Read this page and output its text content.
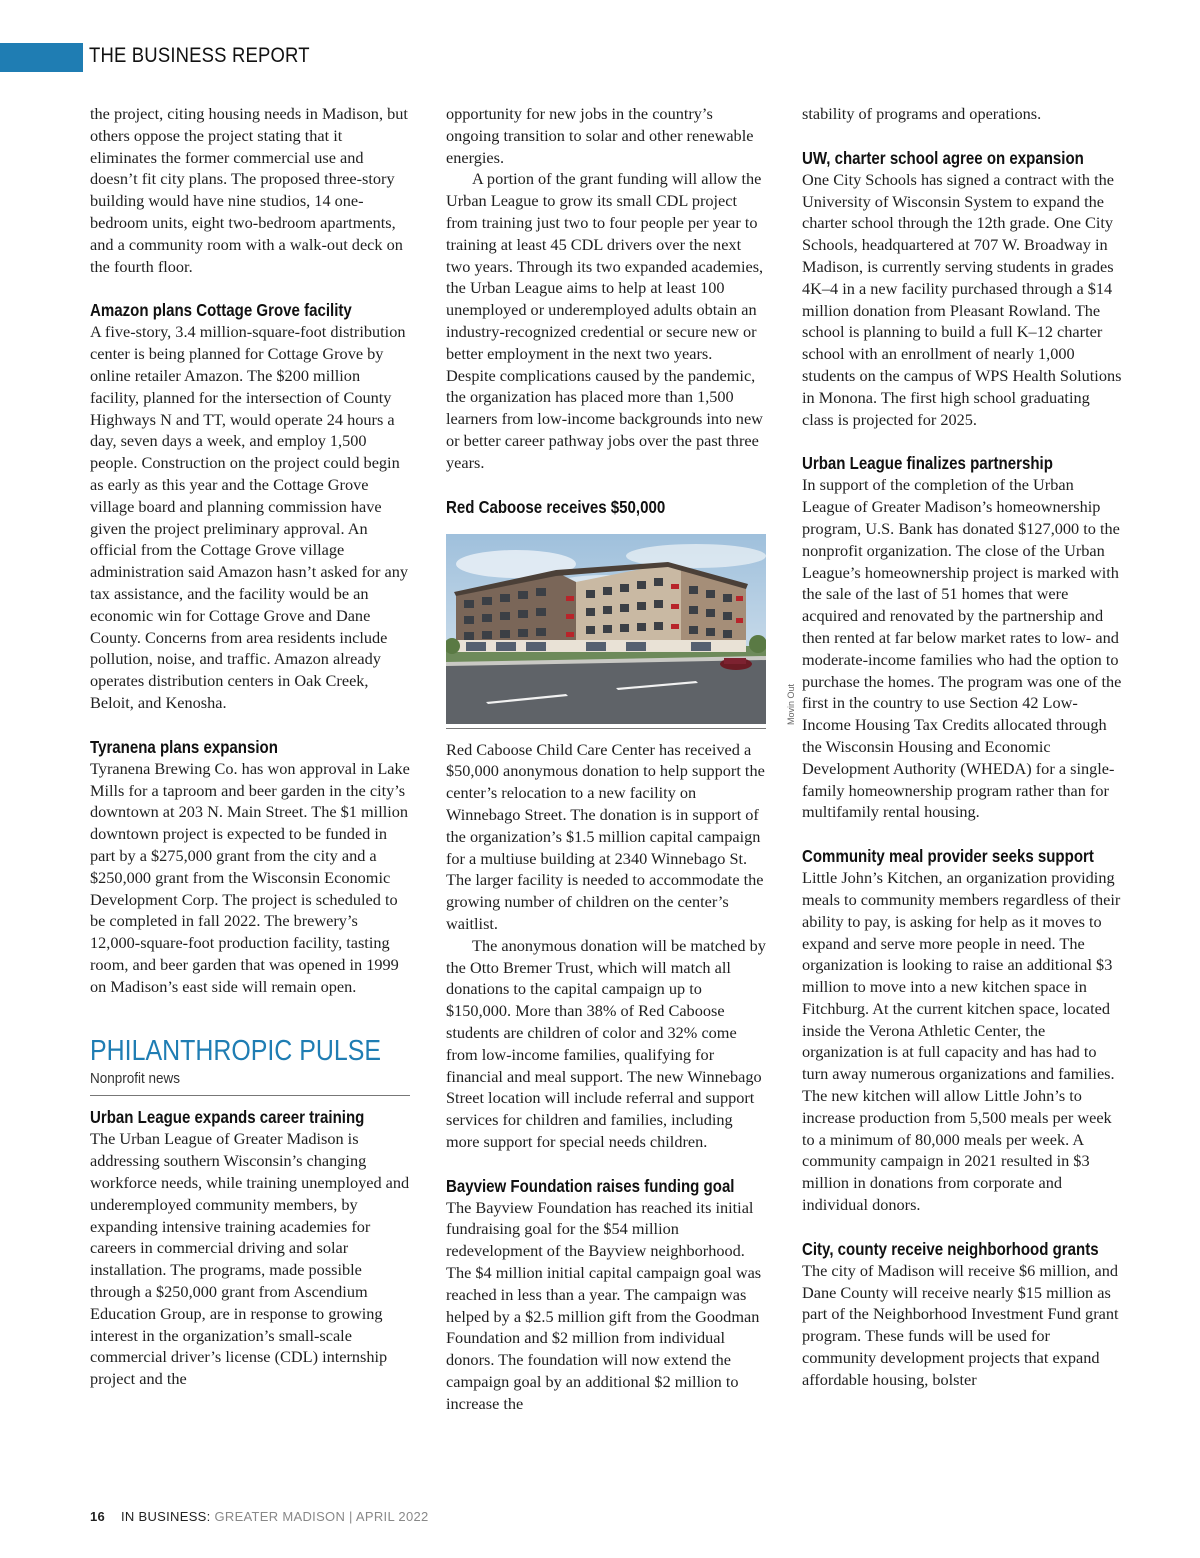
THE BUSINESS REPORT

the project, citing housing needs in Madison, but others oppose the project stating that it eliminates the former commercial use and doesn’t fit city plans. The proposed three-story building would have nine studios, 14 one-bedroom units, eight two-bedroom apartments, and a community room with a walk-out deck on the fourth floor.

Amazon plans Cottage Grove facility

A five-story, 3.4 million-square-foot distribution center is being planned for Cottage Grove by online retailer Amazon. The $200 million facility, planned for the intersection of County Highways N and TT, would operate 24 hours a day, seven days a week, and employ 1,500 people. Construction on the project could begin as early as this year and the Cottage Grove village board and planning commission have given the project preliminary approval. An official from the Cottage Grove village administration said Amazon hasn’t asked for any tax assistance, and the facility would be an economic win for Cottage Grove and Dane County. Concerns from area residents include pollution, noise, and traffic. Amazon already operates distribution centers in Oak Creek, Beloit, and Kenosha.

Tyranena plans expansion

Tyranena Brewing Co. has won approval in Lake Mills for a taproom and beer garden in the city’s downtown at 203 N. Main Street. The $1 million downtown project is expected to be funded in part by a $275,000 grant from the city and a $250,000 grant from the Wisconsin Economic Development Corp. The project is scheduled to be completed in fall 2022. The brewery’s 12,000-square-foot production facility, tasting room, and beer garden that was opened in 1999 on Madison’s east side will remain open.

PHILANTHROPIC PULSE
Nonprofit news
Urban League expands career training

The Urban League of Greater Madison is addressing southern Wisconsin’s changing workforce needs, while training unemployed and underemployed community members, by expanding intensive training academies for careers in commercial driving and solar installation. The programs, made possible through a $250,000 grant from Ascendium Education Group, are in response to growing interest in the organization’s small-scale commercial driver’s license (CDL) internship project and the

opportunity for new jobs in the country’s ongoing transition to solar and other renewable energies.

A portion of the grant funding will allow the Urban League to grow its small CDL project from training just two to four people per year to training at least 45 CDL drivers over the next two years. Through its two expanded academies, the Urban League aims to help at least 100 unemployed or underemployed adults obtain an industry-recognized credential or secure new or better employment in the next two years. Despite complications caused by the pandemic, the organization has placed more than 1,500 learners from low-income backgrounds into new or better career pathway jobs over the past three years.

Red Caboose receives $50,000
Movin Out

Red Caboose Child Care Center has received a $50,000 anonymous donation to help support the center’s relocation to a new facility on Winnebago Street. The donation is in support of the organization’s $1.5 million capital campaign for a multiuse building at 2340 Winnebago St. The larger facility is needed to accommodate the growing number of children on the center’s waitlist.

The anonymous donation will be matched by the Otto Bremer Trust, which will match all donations to the capital campaign up to $150,000. More than 38% of Red Caboose students are children of color and 32% come from low-income families, qualifying for financial and meal support. The new Winnebago Street location will include referral and support services for children and families, including more support for special needs children.

Bayview Foundation raises funding goal

The Bayview Foundation has reached its initial fundraising goal for the $54 million redevelopment of the Bayview neighborhood. The $4 million initial capital campaign goal was reached in less than a year. The campaign was helped by a $2.5 million gift from the Goodman Foundation and $2 million from individual donors. The foundation will now extend the campaign goal by an additional $2 million to increase the

stability of programs and operations.

UW, charter school agree on expansion

One City Schools has signed a contract with the University of Wisconsin System to expand the charter school through the 12th grade. One City Schools, headquartered at 707 W. Broadway in Madison, is currently serving students in grades 4K–4 in a new facility purchased through a $14 million donation from Pleasant Rowland. The school is planning to build a full K–12 charter school with an enrollment of nearly 1,000 students on the campus of WPS Health Solutions in Monona. The first high school graduating class is projected for 2025.

Urban League finalizes partnership

In support of the completion of the Urban League of Greater Madison’s homeownership program, U.S. Bank has donated $127,000 to the nonprofit organization. The close of the Urban League’s homeownership project is marked with the sale of the last of 51 homes that were acquired and renovated by the partnership and then rented at far below market rates to low- and moderate-income families who had the option to purchase the homes. The program was one of the first in the country to use Section 42 Low-Income Housing Tax Credits allocated through the Wisconsin Housing and Economic Development Authority (WHEDA) for a single-family homeownership program rather than for multifamily rental housing.

Community meal provider seeks support

Little John’s Kitchen, an organization providing meals to community members regardless of their ability to pay, is asking for help as it moves to expand and serve more people in need. The organization is looking to raise an additional $3 million to move into a new kitchen space in Fitchburg. At the current kitchen space, located inside the Verona Athletic Center, the organization is at full capacity and has had to turn away numerous organizations and families. The new kitchen will allow Little John’s to increase production from 5,500 meals per week to a minimum of 80,000 meals per week. A community campaign in 2021 resulted in $3 million in donations from corporate and individual donors.

City, county receive neighborhood grants

The city of Madison will receive $6 million, and Dane County will receive nearly $15 million as part of the Neighborhood Investment Fund grant program. These funds will be used for community development projects that expand affordable housing, bolster

16 IN BUSINESS: GREATER MADISON | APRIL 2022
